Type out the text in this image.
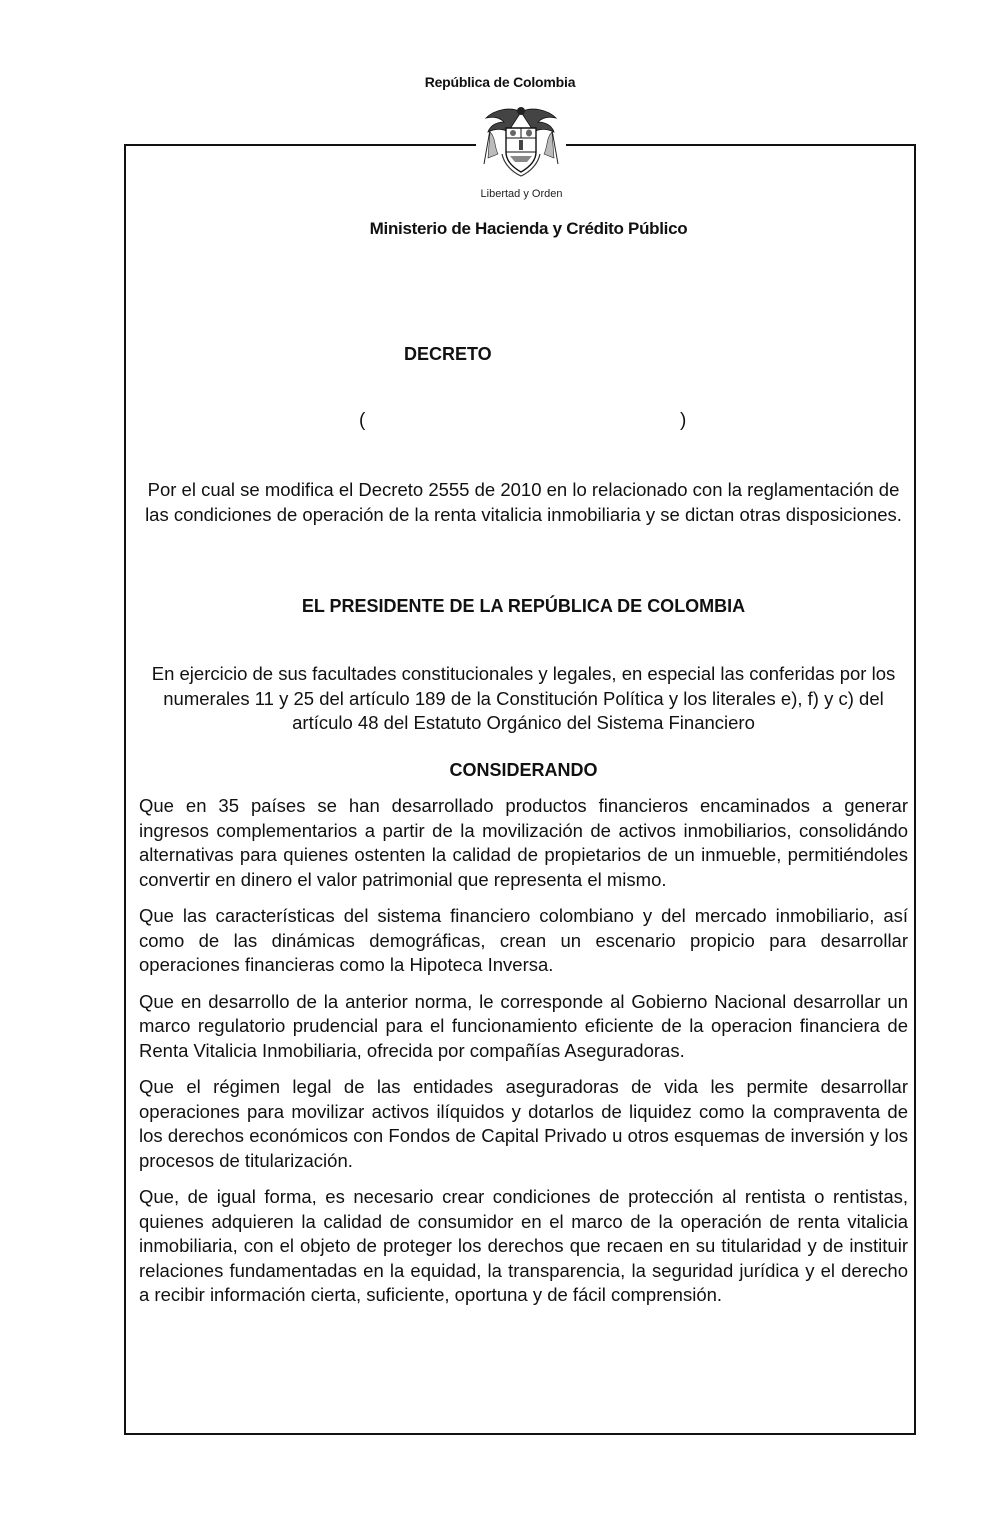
República de Colombia
Libertad y Orden
Ministerio de Hacienda y Crédito Público
DECRETO
(	)
Por el cual se modifica el Decreto 2555 de 2010 en lo relacionado con la reglamentación de las condiciones de operación de la renta vitalicia inmobiliaria y se dictan otras disposiciones.
EL PRESIDENTE DE LA REPÚBLICA DE COLOMBIA
En ejercicio de sus facultades constitucionales y legales, en especial las conferidas por los numerales 11 y 25 del artículo 189 de la Constitución Política y los literales e), f) y c) del artículo 48 del Estatuto Orgánico del Sistema Financiero
CONSIDERANDO

Que en 35 países se han desarrollado productos financieros encaminados a generar ingresos complementarios a partir de la movilización de activos inmobiliarios, consolidándo alternativas para quienes ostenten la calidad de propietarios de un inmueble, permitiéndoles convertir en dinero el valor patrimonial que representa el mismo.

Que las características del sistema financiero colombiano y del mercado inmobiliario, así como de las dinámicas demográficas, crean un escenario propicio para desarrollar operaciones financieras como la Hipoteca Inversa.

Que en desarrollo de la anterior norma, le corresponde al Gobierno Nacional desarrollar un marco regulatorio prudencial para el funcionamiento eficiente de la operacion financiera de Renta Vitalicia Inmobiliaria, ofrecida por compañías Aseguradoras.

Que el régimen legal de las entidades aseguradoras de vida les permite desarrollar operaciones para movilizar activos ilíquidos y dotarlos de liquidez como la compraventa de los derechos económicos con Fondos de Capital Privado u otros esquemas de inversión y los procesos de titularización.

Que, de igual forma, es necesario crear condiciones de protección al rentista o rentistas, quienes adquieren la calidad de consumidor en el marco de la operación de renta vitalicia inmobiliaria, con el objeto de proteger los derechos que recaen en su titularidad y de instituir relaciones fundamentadas en la equidad, la transparencia, la seguridad jurídica y el derecho a recibir información cierta, suficiente, oportuna y de fácil comprensión.
